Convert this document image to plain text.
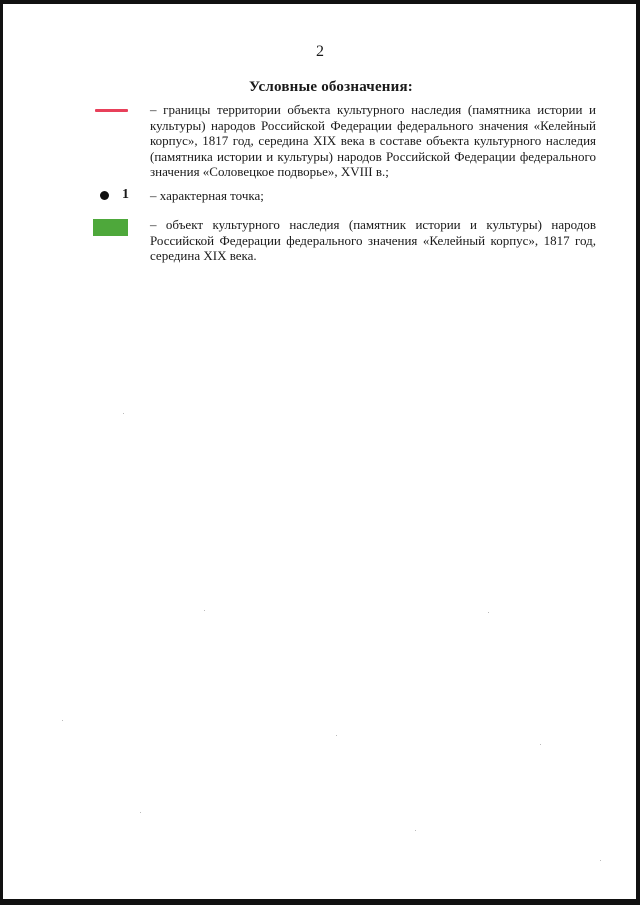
2
Условные обозначения:
– границы территории объекта культурного наследия (памятника истории и культуры) народов Российской Федерации федерального значения «Келейный корпус», 1817 год, середина XIX века в составе объекта культурного наследия (памятника истории и культуры) народов Российской Федерации федерального значения «Соловецкое подворье», XVIII в.;
1 – характерная точка;
– объект культурного наследия (памятник истории и культуры) народов Российской Федерации федерального значения «Келейный корпус», 1817 год, середина XIX века.
